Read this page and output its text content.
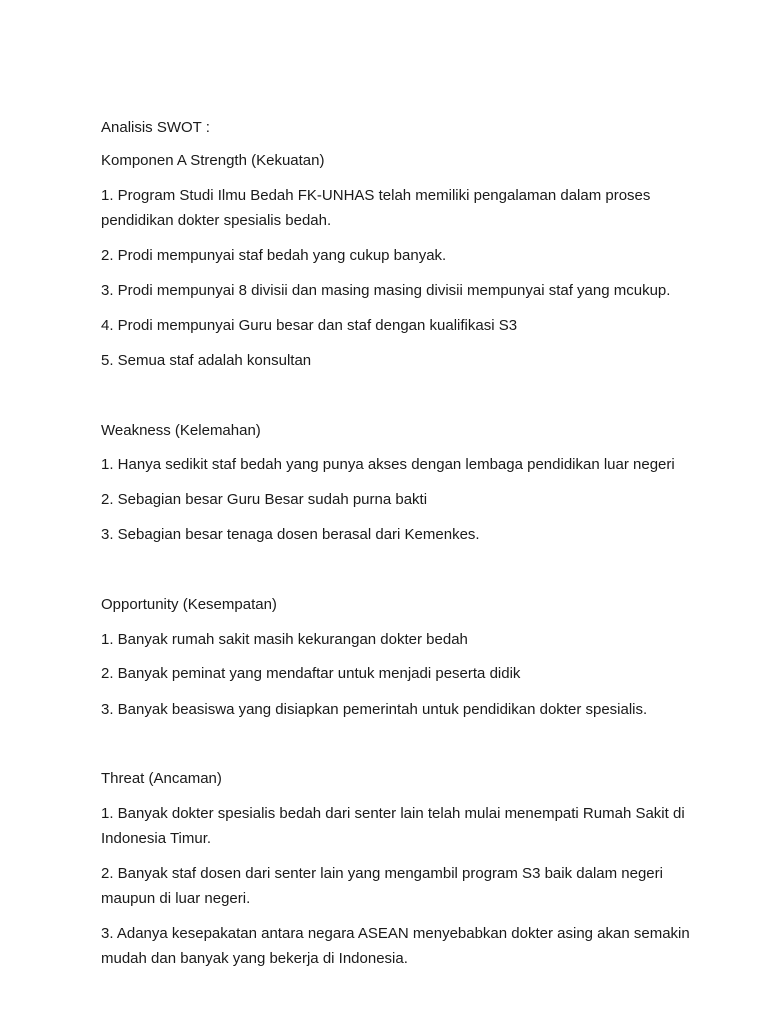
Analisis SWOT :

Komponen A Strength (Kekuatan)

1. Program Studi Ilmu Bedah FK-UNHAS telah memiliki pengalaman dalam proses pendidikan dokter spesialis bedah.

2. Prodi mempunyai staf bedah yang cukup banyak.

3. Prodi mempunyai 8 divisii dan masing masing divisii mempunyai staf yang mcukup.

4. Prodi mempunyai Guru besar dan staf dengan kualifikasi S3

5. Semua staf adalah konsultan

Weakness (Kelemahan)

1. Hanya sedikit staf bedah yang punya akses dengan lembaga pendidikan luar negeri

2. Sebagian besar Guru Besar sudah purna bakti

3. Sebagian besar tenaga dosen berasal dari Kemenkes.

Opportunity (Kesempatan)

1. Banyak rumah sakit masih kekurangan dokter bedah

2. Banyak peminat yang mendaftar untuk menjadi peserta didik

3. Banyak beasiswa yang disiapkan pemerintah untuk pendidikan dokter spesialis.

Threat (Ancaman)

1. Banyak dokter spesialis bedah dari senter lain telah mulai menempati Rumah Sakit di Indonesia Timur.

2. Banyak staf dosen dari senter lain yang mengambil program S3 baik dalam negeri maupun di luar negeri.

3. Adanya kesepakatan antara negara ASEAN menyebabkan dokter asing akan semakin mudah dan banyak yang bekerja di Indonesia.
